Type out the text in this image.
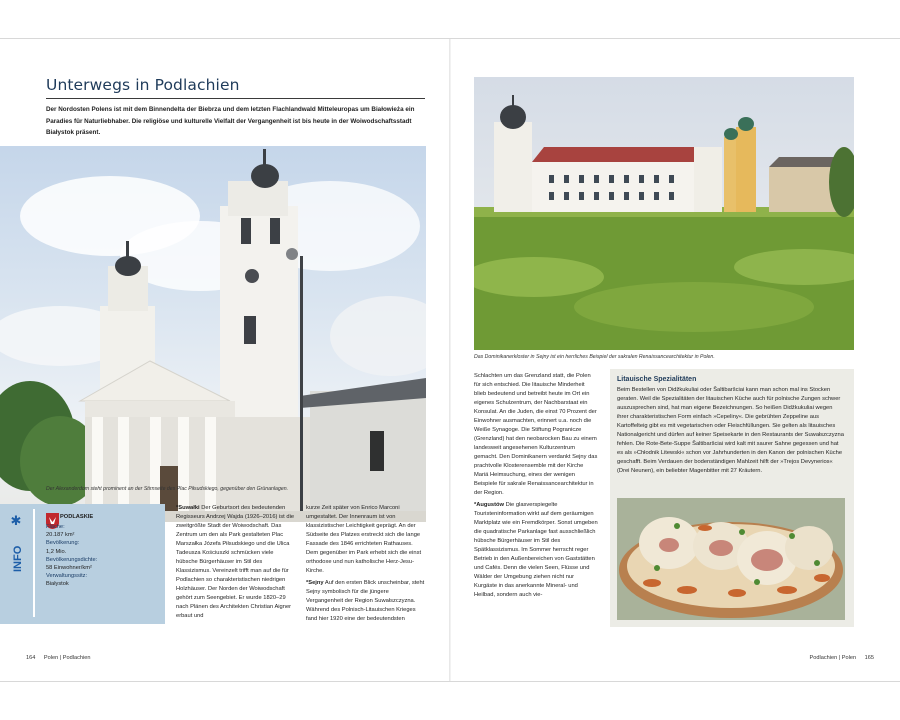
Unterwegs in Podlachien
Der Nordosten Polens ist mit dem Binnendelta der Biebrza und dem letzten Flachlandwald Mitteleuropas um Białowieża ein Paradies für Naturliebhaber. Die religiöse und kulturelle Vielfalt der Vergangenheit ist bis heute in der Woiwodschaftsstadt Białystok präsent.
Der Alexanderdom steht prominent an der Stirnseite des Plac Piłsudskiego, gegenüber den Grünanlagen.
✱
INFO
PODLASKIE
Fläche:
20.187 km²
Bevölkerung:
1,2 Mio.
Bevölkerungsdichte:
58 Einwohner/km²
Verwaltungssitz:
Białystok

*Suwałki Der Geburtsort des bedeutenden Regisseurs Andrzej Wajda (1926–2016) ist die zweitgrößte Stadt der Woiwodschaft. Das Zentrum um den als Park gestalteten Plac Marszałka Józefa Piłsudskiego und die Ulica Tadeusza Kościuszki schmücken viele hübsche Bürgerhäuser im Stil des Klassizismus. Vereinzelt trifft man auf die für Podlachien so charakteristischen niedrigen Holzhäuser. Der Norden der Woiwodschaft gehört zum Seengebiet. Er wurde 1820–29 nach Plänen des Architekten Christian Aigner erbaut und

kurze Zeit später von Enrico Marconi umgestaltet. Der Innenraum ist von klassizistischer Leichtigkeit geprägt. An der Südseite des Platzes erstreckt sich die lange Fassade des 1846 errichteten Rathauses. Dem gegenüber im Park erhebt sich die einst orthodoxe und nun katholische Herz-Jesu-Kirche.

*Sejny Auf den ersten Blick unscheinbar, steht Sejny symbolisch für die jüngere Vergangenheit der Region Suwałszczyzna. Während des Polnisch-Litauischen Krieges fand hier 1920 eine der bedeutendsten

164 Polen | Podlachien
Das Dominikanerkloster in Sejny ist ein herrliches Beispiel der sakralen Renaissancearchitektur in Polen.

Schlachten um das Grenzland statt, die Polen für sich entschied. Die litauische Minderheit blieb bedeutend und betreibt heute im Ort ein eigenes Schulzentrum, der Nachbarstaat ein Konsulat. An die Juden, die einst 70 Prozent der Einwohner ausmachten, erinnert u.a. noch die Weiße Synagoge. Die Stiftung Pogranicze (Grenzland) hat den neobarocken Bau zu einem landesweit angesehenen Kulturzentrum gemacht. Den Dominikanern verdankt Sejny das prachtvolle Klosterensemble mit der Kirche Mariä Heimsuchung, eines der wenigen Beispiele für sakrale Renaissancearchitektur in der Region.

*Augustów Die glasverspiegelte Touristeninformation wirkt auf dem geräumigen Marktplatz wie ein Fremdkörper. Sonst umgeben die quadratische Parkanlage fast ausschließlich hübsche Bürgerhäuser im Stil des Spätklassizismus. Im Sommer herrscht reger Betrieb in den Außenbereichen von Gaststätten und Cafés. Denn die vielen Seen, Flüsse und Wälder der Umgebung ziehen nicht nur Kurgäste in das anerkannte Mineral- und Heilbad, sondern auch vie-

Litauische Spezialitäten
Beim Bestellen von Didžkukuliai oder Šaltibaršciai kann man schon mal ins Stocken geraten. Weil die Spezialitäten der litauischen Küche auch für polnische Zungen schwer auszusprechen sind, hat man eigene Bezeichnungen. So heißen Didžkukuliai wegen ihrer charakteristischen Form einfach »Cepeliny«. Die gebrühten Zeppeline aus Kartoffelteig gibt es mit vegetarischen oder Fleischfüllungen. Sie gelten als litauisches Nationalgericht und dürfen auf keiner Speisekarte in den Restaurants der Suwałszczyzna fehlen. Die Rote-Bete-Suppe Šaltibaršciai wird kalt mit saurer Sahne gegessen und hat es als »Chłodnik Litewski« schon vor Jahrhunderten in den Kanon der polnischen Küche geschafft. Beim Verdauen der bodenständigen Mahlzeit hilft der »Trejos Devynerios« (Drei Neunen), ein beliebter Magenbitter mit 27 Kräutern.
Podlachien | Polen 165
